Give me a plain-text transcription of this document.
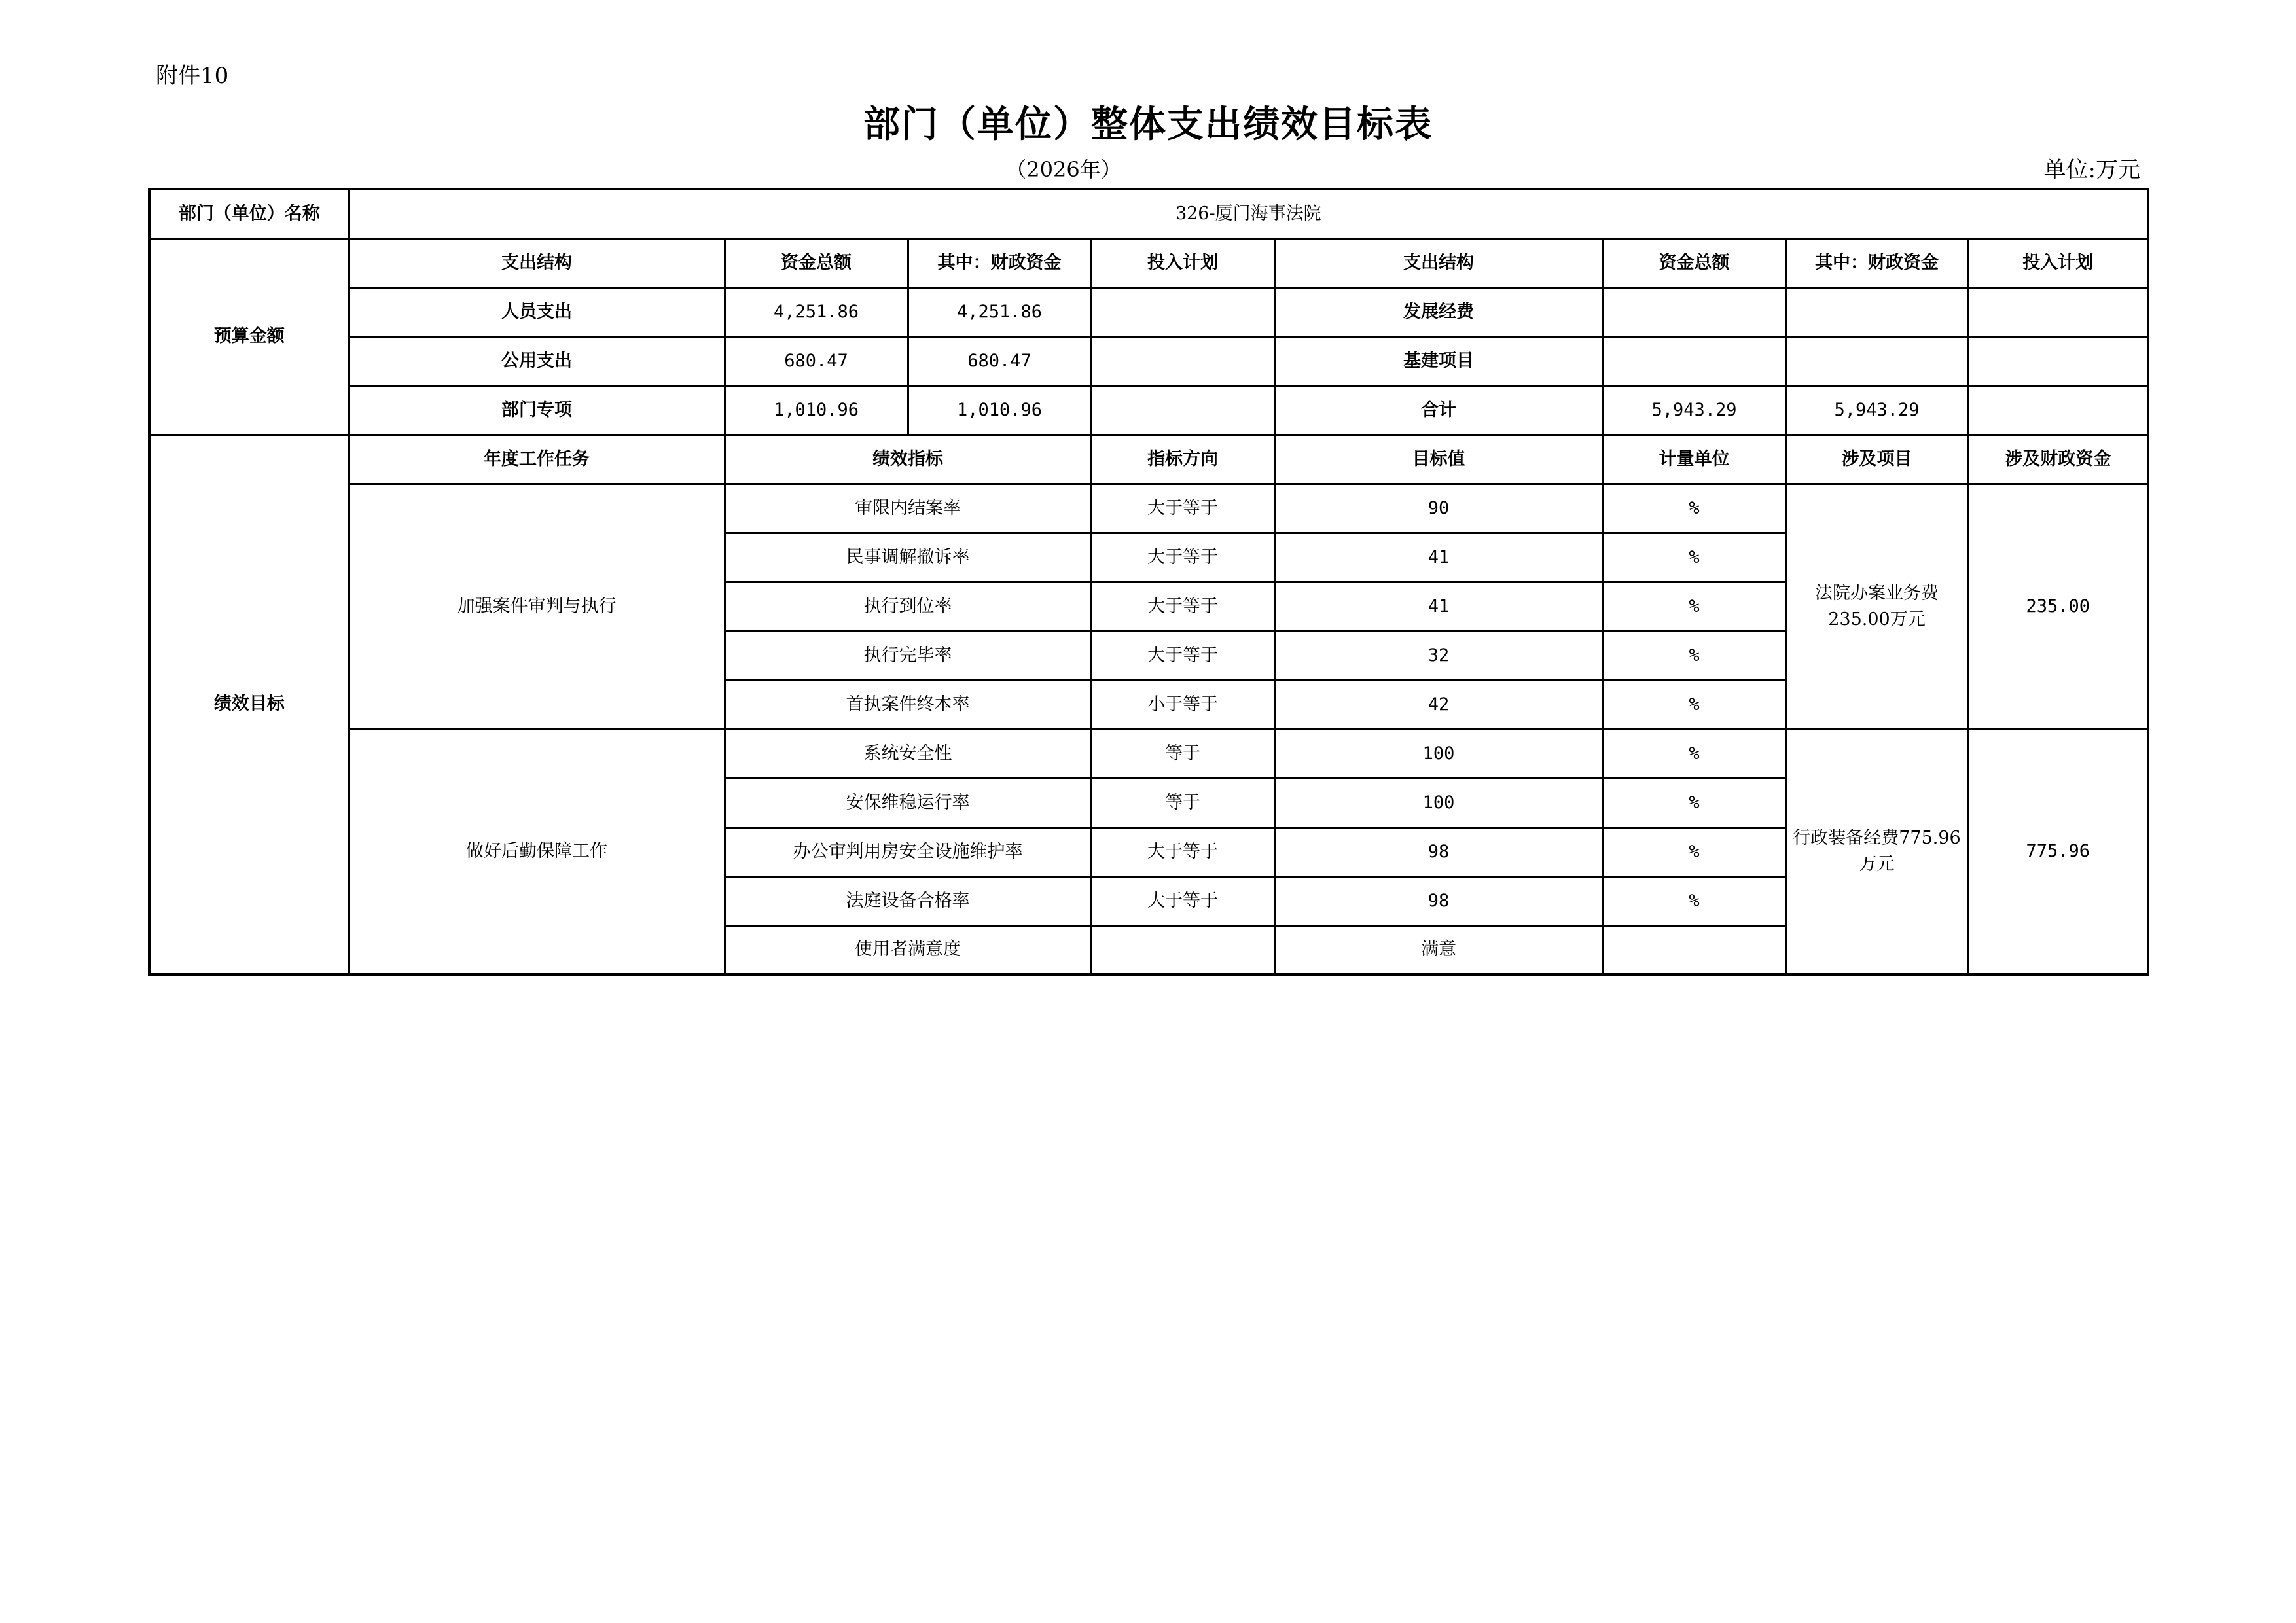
附件10
部门（单位）整体支出绩效目标表
（2026年）	单位:万元
部门（单位）名称	326-厦门海事法院							
预算金额	支出结构	资金总额	其中：财政资金	投入计划	支出结构	资金总额	其中：财政资金	投入计划
	人员支出	4,251.86	4,251.86		发展经费			
	公用支出	680.47	680.47		基建项目			
	部门专项	1,010.96	1,010.96		合计	5,943.29	5,943.29	
绩效目标	年度工作任务	绩效指标		指标方向	目标值	计量单位	涉及项目	涉及财政资金
	加强案件审判与执行	审限内结案率		大于等于	90	%	法院办案业务费235.00万元	235.00
		民事调解撤诉率		大于等于	41	%		
		执行到位率		大于等于	41	%		
		执行完毕率		大于等于	32	%		
		首执案件终本率		小于等于	42	%		
	做好后勤保障工作	系统安全性		等于	100	%	行政装备经费775.96万元	775.96
		安保维稳运行率		等于	100	%		
		办公审判用房安全设施维护率		大于等于	98	%		
		法庭设备合格率		大于等于	98	%		
		使用者满意度			满意			
